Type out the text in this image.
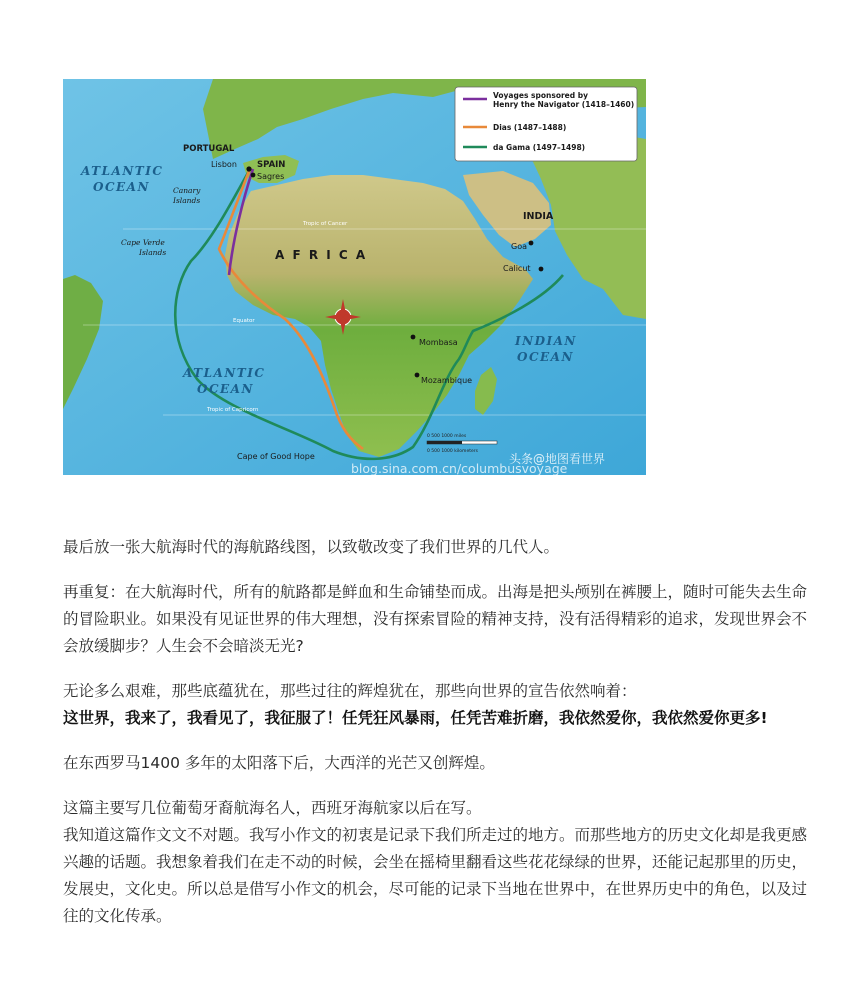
ATLANTIC
OCEAN
ATLANTIC
OCEAN
INDIAN
OCEAN
A F R I C A
INDIA
PORTUGAL
SPAIN
Lisbon
Sagres
Goa
Calicut
Mombasa
Mozambique
Cape of Good Hope
Canary
Islands
Cape Verde
Islands
Tropic of Cancer
Equator
Tropic of Capricorn
0 500 1000 miles
0 500 1000 kilometers
Voyages sponsored by
Henry the Navigator (1418–1460)
Dias (1487–1488)
da Gama (1497–1498)
头条@地图看世界
blog.sina.com.cn/columbusvoyage

最后放一张大航海时代的海航路线图，以致敬改变了我们世界的几代人。

再重复：在大航海时代，所有的航路都是鲜血和生命铺垫而成。出海是把头颅别在裤腰上，随时可能失去生命的冒险职业。如果没有见证世界的伟大理想，没有探索冒险的精神支持，没有活得精彩的追求，发现世界会不会放缓脚步？人生会不会暗淡无光?

无论多么艰难，那些底蕴犹在，那些过往的辉煌犹在，那些向世界的宣告依然响着：
这世界，我来了，我看见了，我征服了！任凭狂风暴雨，任凭苦难折磨，我依然爱你，我依然爱你更多!

在东西罗马1400 多年的太阳落下后，大西洋的光芒又创辉煌。

这篇主要写几位葡萄牙裔航海名人，西班牙海航家以后在写。
我知道这篇作文文不对题。我写小作文的初衷是记录下我们所走过的地方。而那些地方的历史文化却是我更感兴趣的话题。我想象着我们在走不动的时候，会坐在摇椅里翻看这些花花绿绿的世界，还能记起那里的历史，发展史，文化史。所以总是借写小作文的机会，尽可能的记录下当地在世界中，在世界历史中的角色，以及过往的文化传承。
